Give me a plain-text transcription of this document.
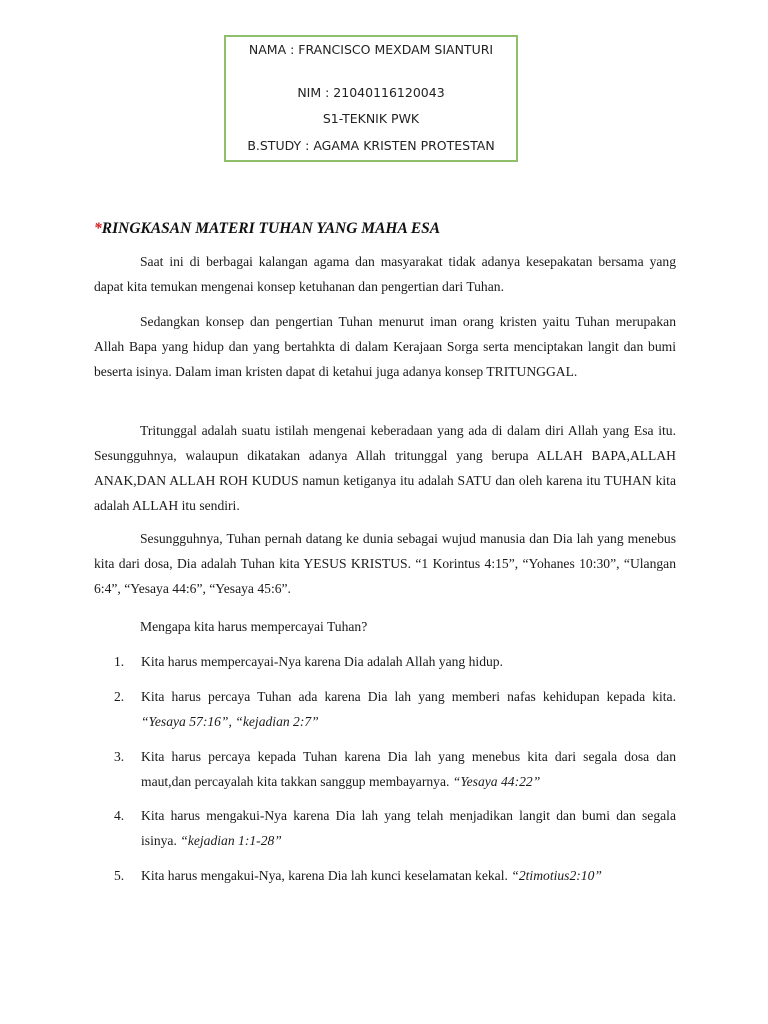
NAMA : FRANCISCO MEXDAM SIANTURI
NIM : 21040116120043
S1-TEKNIK PWK
B.STUDY : AGAMA KRISTEN PROTESTAN
*RINGKASAN MATERI TUHAN YANG MAHA ESA

Saat ini di berbagai kalangan agama dan masyarakat tidak adanya kesepakatan bersama yang dapat kita temukan mengenai konsep ketuhanan dan pengertian dari Tuhan.

Sedangkan konsep dan pengertian Tuhan menurut iman orang kristen yaitu Tuhan merupakan Allah Bapa yang hidup dan yang bertahkta di dalam Kerajaan Sorga serta menciptakan langit dan bumi beserta isinya. Dalam iman kristen dapat di ketahui juga adanya konsep TRITUNGGAL.

Tritunggal adalah suatu istilah mengenai keberadaan yang ada di dalam diri Allah yang Esa itu. Sesungguhnya, walaupun dikatakan adanya Allah tritunggal yang berupa ALLAH BAPA,ALLAH ANAK,DAN ALLAH ROH KUDUS namun ketiganya itu adalah SATU dan oleh karena itu TUHAN kita adalah ALLAH itu sendiri.

Sesungguhnya, Tuhan pernah datang ke dunia sebagai wujud manusia dan Dia lah yang menebus kita dari dosa, Dia adalah Tuhan kita YESUS KRISTUS. “1 Korintus 4:15”, “Yohanes 10:30”, “Ulangan 6:4”, “Yesaya 44:6”, “Yesaya 45:6”.

Mengapa kita harus mempercayai Tuhan?

1. Kita harus mempercayai-Nya karena Dia adalah Allah yang hidup.
2. Kita harus percaya Tuhan ada karena Dia lah yang memberi nafas kehidupan kepada kita. “Yesaya 57:16”, “kejadian 2:7”
3. Kita harus percaya kepada Tuhan karena Dia lah yang menebus kita dari segala dosa dan maut,dan percayalah kita takkan sanggup membayarnya. “Yesaya 44:22”
4. Kita harus mengakui-Nya karena Dia lah yang telah menjadikan langit dan bumi dan segala isinya. “kejadian 1:1-28”
5. Kita harus mengakui-Nya, karena Dia lah kunci keselamatan kekal. “2timotius2:10”
